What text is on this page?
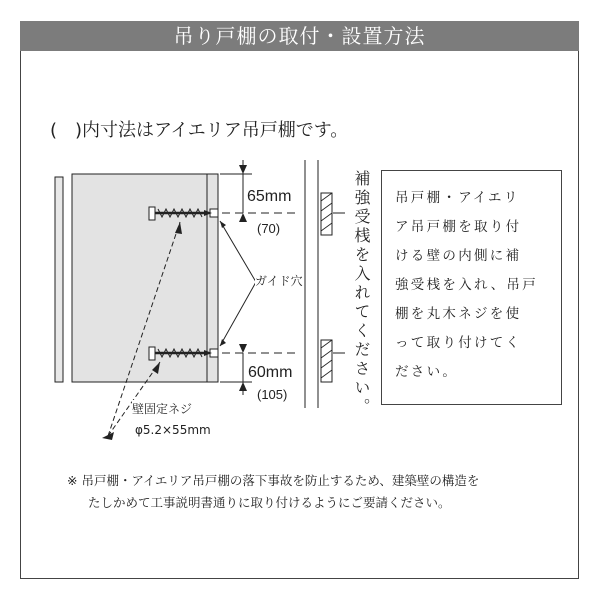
吊り戸棚の取付・設置方法
(　)内寸法はアイエリア吊戸棚です。
65mm
(70)
60mm
(105)
ガイド穴
壁固定ネジ
φ5.2×55mm
補強受桟を入れてください。 吊戸棚・アイエリ
ア吊戸棚を取り付
ける壁の内側に補
強受桟を入れ、吊戸
棚を丸木ネジを使
って取り付けてく
ださい。
※ 吊戸棚・アイエリア吊戸棚の落下事故を防止するため、建築壁の構造を
たしかめて工事説明書通りに取り付けるようにご要請ください。
